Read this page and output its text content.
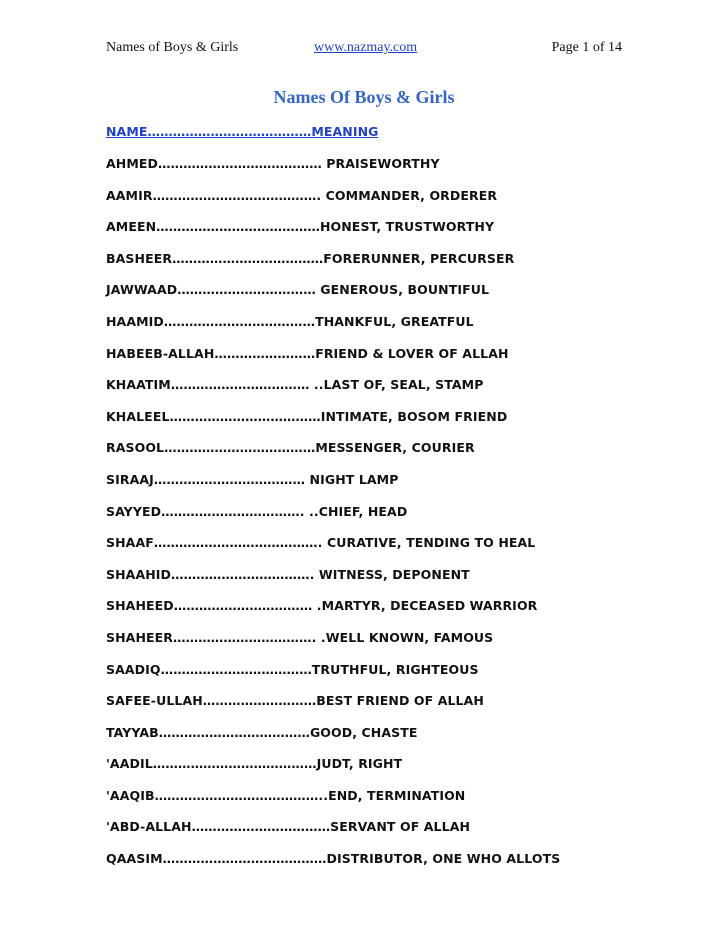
Names of Boys & Girls	www.nazmay.com	Page 1 of 14
Names Of Boys & Girls
NAME…………………………………MEANING
AHMED………………………………… PRAISEWORTHY
AAMIR…………………………………. COMMANDER, ORDERER
AMEEN…………………………………HONEST, TRUSTWORTHY
BASHEER………………………………FORERUNNER, PERCURSER
JAWWAAD…………………………… GENEROUS, BOUNTIFUL
HAAMID………………………………THANKFUL, GREATFUL
HABEEB-ALLAH……………………FRIEND & LOVER OF ALLAH
KHAATIM…………………………… ..LAST OF, SEAL, STAMP
KHALEEL………………………………INTIMATE, BOSOM FRIEND
RASOOL………………………………MESSENGER, COURIER
SIRAAJ……………………………… NIGHT LAMP
SAYYED……………………………. ..CHIEF, HEAD
SHAAF…………………………………. CURATIVE, TENDING TO HEAL
SHAAHID……………………………. WITNESS, DEPONENT
SHAHEED…………………………… .MARTYR, DECEASED WARRIOR
SHAHEER……………………………. .WELL KNOWN, FAMOUS
SAADIQ………………………………TRUTHFUL, RIGHTEOUS
SAFEE-ULLAH………………………BEST FRIEND OF ALLAH
TAYYAB………………………………GOOD, CHASTE
'AADIL…………………………………JUDT, RIGHT
'AAQIB…………………………………..END, TERMINATION
'ABD-ALLAH……………………………SERVANT OF ALLAH
QAASIM…………………………………DISTRIBUTOR, ONE WHO ALLOTS
